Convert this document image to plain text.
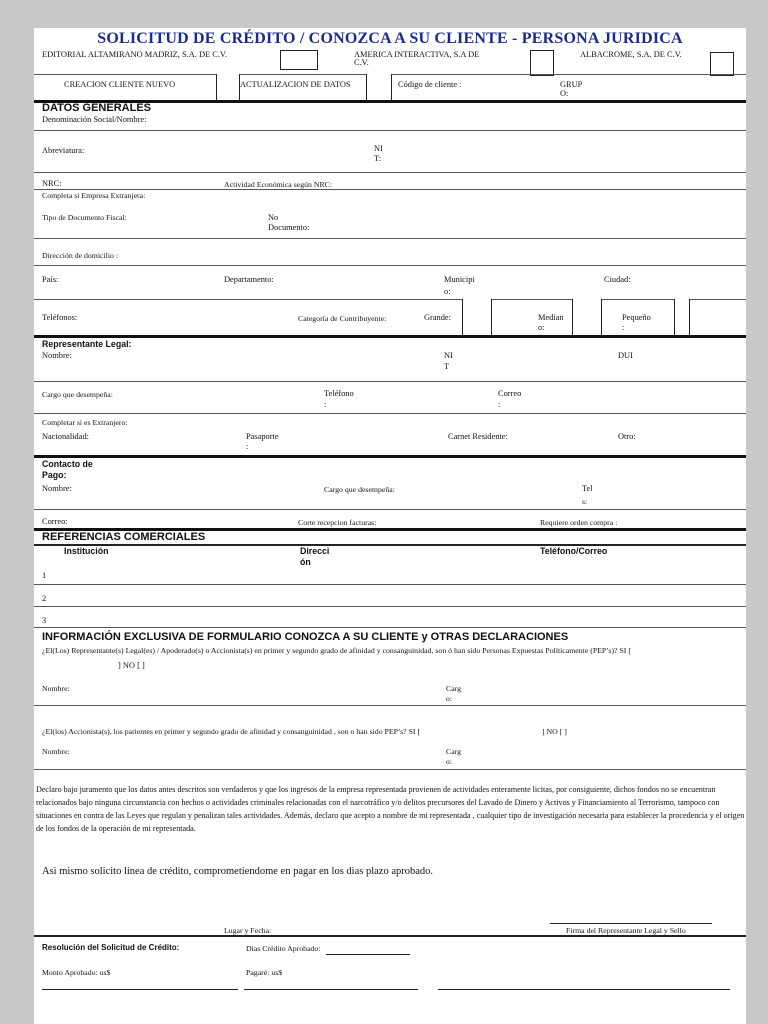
SOLICITUD DE CRÉDITO / CONOZCA A SU CLIENTE - PERSONA JURIDICA
EDITORIAL ALTAMIRANO MADRIZ, S.A. DE C.V.	AMERICA INTERACTIVA, S.A DE
C.V.
ALBACROME, S.A. DE C.V.
CREACION CLIENTE NUEVO	ACTUALIZACION DE DATOS	Código de cliente :	GRUP
O:
DATOS GENERALES
Denominación Social/Nombre:
Abreviatura:	NI
T:
NRC:	Actividad Económica según NRC:
Completa si Empresa Extranjera:
Tipo de Documento Fiscal:	No
Documento:
Dirección de domicilio :
País:	Departamento:	Municipi
o:
Ciudad:
Teléfonos:	Categoría de Contribuyente:	Grande:	Median
o:
Pequeño
:
Representante Legal:
Nombre:	NI
T
DUI
Cargo que desempeña:	Teléfono
:
Correo
:
Completar si es Extranjero:
Nacionalidad:	Pasaporte
:
Carnet Residente:	Otro:
Contacto de
Pago:
Nombre:	Cargo que desempeña:	Tel
s:
Correo:	Corte recepcion facturas:	Requiere orden compra :
REFERENCIAS COMERCIALES
Institución	Direcci
ón
Teléfono/Correo
1
2
3
INFORMACIÓN EXCLUSIVA DE FORMULARIO CONOZCA A SU CLIENTE y OTRAS DECLARACIONES
¿El(Los) Representante(s) Legal(es) / Apoderado(s) o Accionista(s) en primer y segundo grado de afinidad y consanguinidad, son ó han sido Personas Expuestas Políticamente (PEP’s)? SI [
] NO [ ]
Nombre:	Carg
o:
¿El(los) Accionista(s), los parientes en primer y segundo grado de afinidad y consanguinidad , son o han sido PEP’s? SI [	] NO [ ]
Nombre:	Carg
o:
Declaro bajo juramento que los datos antes descritos son verdaderos y que los ingresos de la empresa representada provienen de actividades enteramente licitas, por consiguiente, dichos fondos no se encuentran relacionados bajo ninguna circunstancia con hechos o actividades criminales relacionadas con el narcotráfico y/o delitos precursores del Lavado de Dinero y Activos y Financiamiento al Terrorismo, tampoco con situaciones en contra de las Leyes que regulan y penalizan tales actividades. Además, declaro que acepto a nombre de mi representada , cualquier tipo de investigación necesaria para establecer la procedencia y el origen de los fondos de la operación de mi representada.
Asi mismo solicito linea de crédito, comprometiendome en pagar en los dias plazo aprobado.
Lugar y Fecha:	Firma del Representante Legal y Sello
Resolución del Solicitud de Crédito:	Dias Crédito Aprobado:
Monto Aprobado: us$	Pagaré: us$
